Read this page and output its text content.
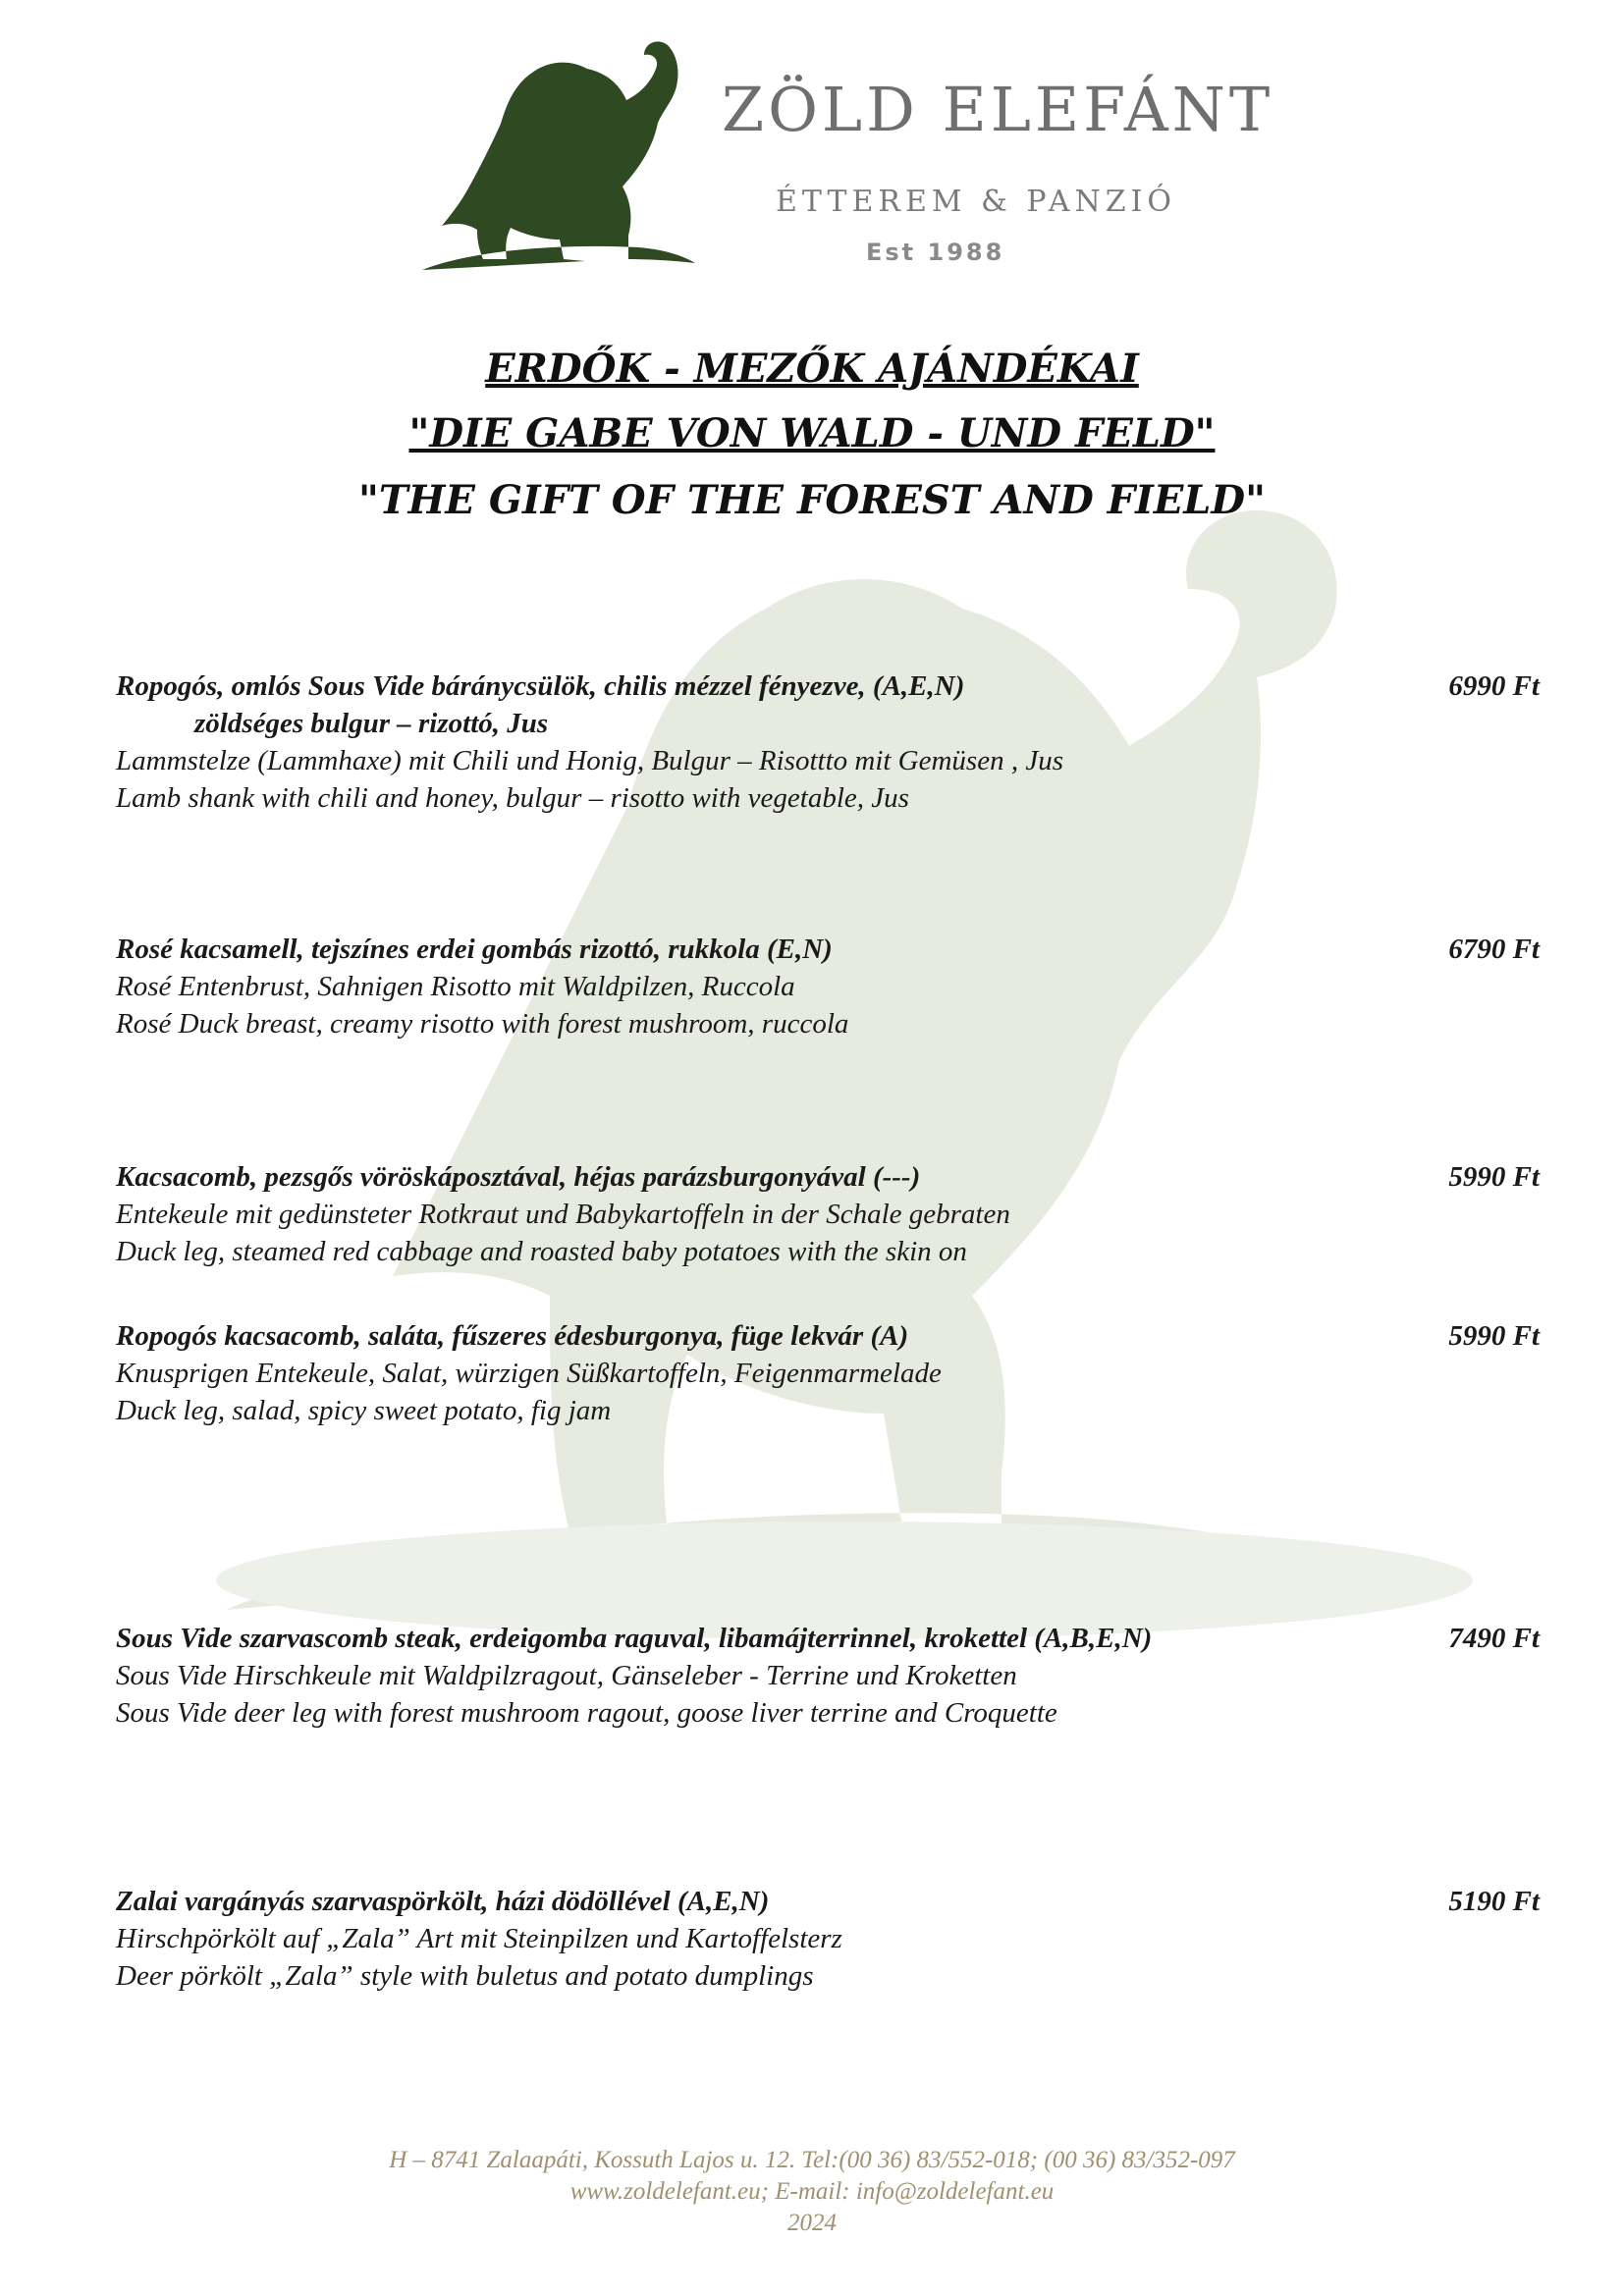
ZÖLD ELEFÁNT
ÉTTEREM & PANZIÓ
Est 1988
ERDŐK - MEZŐK AJÁNDÉKAI
"DIE GABE VON WALD - UND FELD"
"THE GIFT OF THE FOREST AND FIELD"
Ropogós, omlós Sous Vide báránycsülök, chilis mézzel fényezve, (A,E,N)
zöldséges bulgur – rizottó, Jus
Lammstelze (Lammhaxe) mit Chili und Honig, Bulgur – Risottto mit Gemüsen , Jus
Lamb shank with chili and honey, bulgur – risotto with vegetable, Jus
6990 Ft
Rosé kacsamell, tejszínes erdei gombás rizottó, rukkola (E,N)
Rosé Entenbrust, Sahnigen Risotto mit Waldpilzen, Ruccola
Rosé Duck breast, creamy risotto with forest mushroom, ruccola
6790 Ft
Kacsacomb, pezsgős vöröskáposztával, héjas parázsburgonyával (---)
Entekeule mit gedünsteter Rotkraut und Babykartoffeln in der Schale gebraten
Duck leg, steamed red cabbage and roasted baby potatoes with the skin on
5990 Ft
Ropogós kacsacomb, saláta, fűszeres édesburgonya, füge lekvár (A)
Knusprigen Entekeule, Salat, würzigen Süßkartoffeln, Feigenmarmelade
Duck leg, salad, spicy sweet potato, fig jam
5990 Ft
Sous Vide szarvascomb steak, erdeigomba raguval, libamájterrinnel, krokettel (A,B,E,N)
Sous Vide Hirschkeule mit Waldpilzragout, Gänseleber - Terrine und Kroketten
Sous Vide deer leg with forest mushroom ragout, goose liver terrine and Croquette
7490 Ft
Zalai vargányás szarvaspörkölt, házi dödöllével (A,E,N)
Hirschpörkölt auf „Zala” Art mit Steinpilzen und Kartoffelsterz
Deer pörkölt „Zala” style with buletus and potato dumplings
5190 Ft
H – 8741 Zalaapáti, Kossuth Lajos u. 12. Tel:(00 36) 83/552-018; (00 36) 83/352-097
www.zoldelefant.eu; E-mail: info@zoldelefant.eu
2024
